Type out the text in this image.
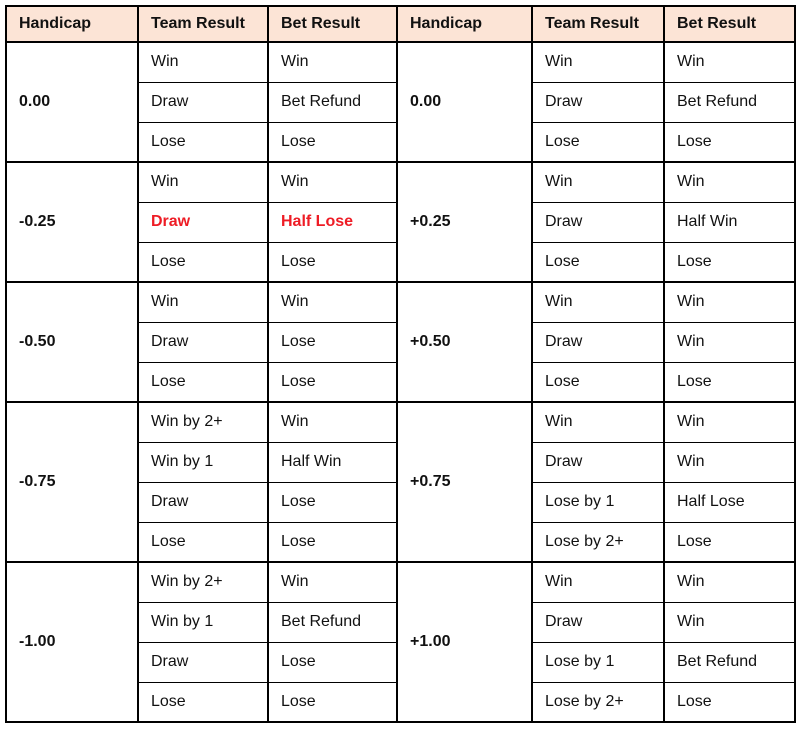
Handicap	Team Result	Bet Result	Handicap	Team Result	Bet Result
0.00	Win	Win	0.00	Win	Win
	Draw	Bet Refund		Draw	Bet Refund
	Lose	Lose		Lose	Lose
-0.25	Win	Win	+0.25	Win	Win
	Draw	Half Lose		Draw	Half Win
	Lose	Lose		Lose	Lose
-0.50	Win	Win	+0.50	Win	Win
	Draw	Lose		Draw	Win
	Lose	Lose		Lose	Lose
-0.75	Win by 2+	Win	+0.75	Win	Win
	Win by 1	Half Win		Draw	Win
	Draw	Lose		Lose by 1	Half Lose
	Lose	Lose		Lose by 2+	Lose
-1.00	Win by 2+	Win	+1.00	Win	Win
	Win by 1	Bet Refund		Draw	Win
	Draw	Lose		Lose by 1	Bet Refund
	Lose	Lose		Lose by 2+	Lose
